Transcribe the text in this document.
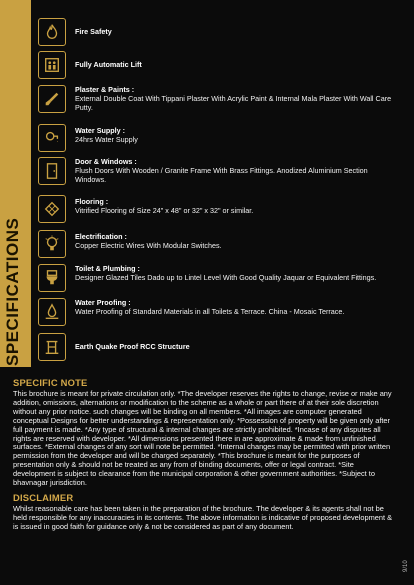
SPECIFICATIONS
Fire Safety
Fully Automatic Lift
Plaster & Paints :
External Double Coat With Tippani Plaster With Acrylic Paint & Internal Mala Plaster With Wall Care Putty.
Water Supply :
24hrs Water Supply
Door & Windows :
Flush Doors With Wooden / Granite Frame With Brass Fittings. Anodized Aluminium Section Windows.
Flooring :
Vitrified Flooring of Size 24" x 48" or 32" x 32" or similar.
Electrification :
Copper Electric Wires With Modular Switches.
Toilet & Plumbing :
Designer Glazed Tiles Dado up to Lintel Level With Good Quality Jaquar or Equivalent Fittings.
Water Proofing :
Water Proofing of Standard Materials in all Toilets & Terrace. China - Mosaic Terrace.
Earth Quake Proof RCC Structure
SPECIFIC NOTE
This brochure is meant for private circulation only. *The developer reserves the rights to change, revise or make any addition, omissions, alternations or modification to the scheme as a whole or part there of at their sole discretion without any prior notice. such changes will be binding on all members. *All images are computer generated conceptual Designs for better understandings & representation only. *Possession of property will be given only after full payment is made. *Any type of structural & internal changes are strictly prohibited. *Incase of any disputes all rights are reserved with developer. *All dimensions presented there in are approximate & made from unfinished surfaces. *External changes of any sort will note be permitted. *Internal changes may be permitted with prior written permission from the developer and will be charged separately. *This brochure is meant for the purposes of presentation only & should not be treated as any from of binding documents, offer or legal contract. *Site development is subject to clearance from the municipal corporation & other government authorities. *Subject to bhavnagar jurisdiction.
DISCLAIMER
Whilst reasonable care has been taken in the preparation of the brochure. The developer & its agents shall not be held responsible for any inaccuracies in its contents. The above information is indicative of proposed development & is issued in good faith for guidance only & not be considered as part of any document.
9/10
